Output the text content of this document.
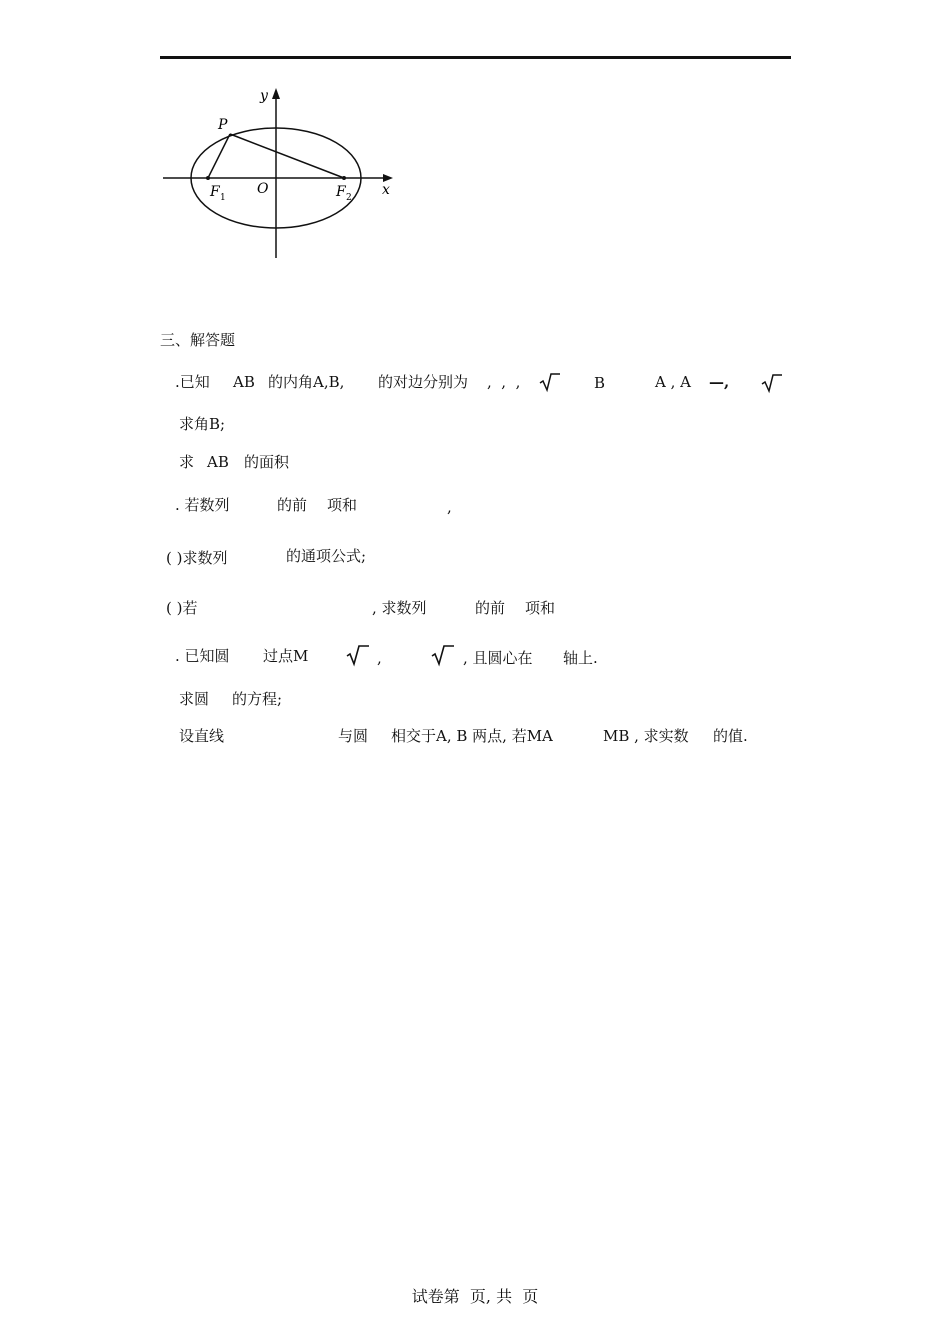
y
x
P
O
F 1	F 2
三、解答题
.已知 AB 的内角A,B, 的对边分别为 ,  ,  ,	B	A , A —,
求角B;
求 AB 的面积
. 若数列	的前 项和	,
( )求数列	的通项公式;
( )若	, 求数列	的前 项和
. 已知圆 过点M	,	, 且圆心在 轴上.
求圆 的方程;
设直线	与圆 相交于A, B 两点, 若MA	MB , 求实数 的值.
试卷第  页, 共  页
